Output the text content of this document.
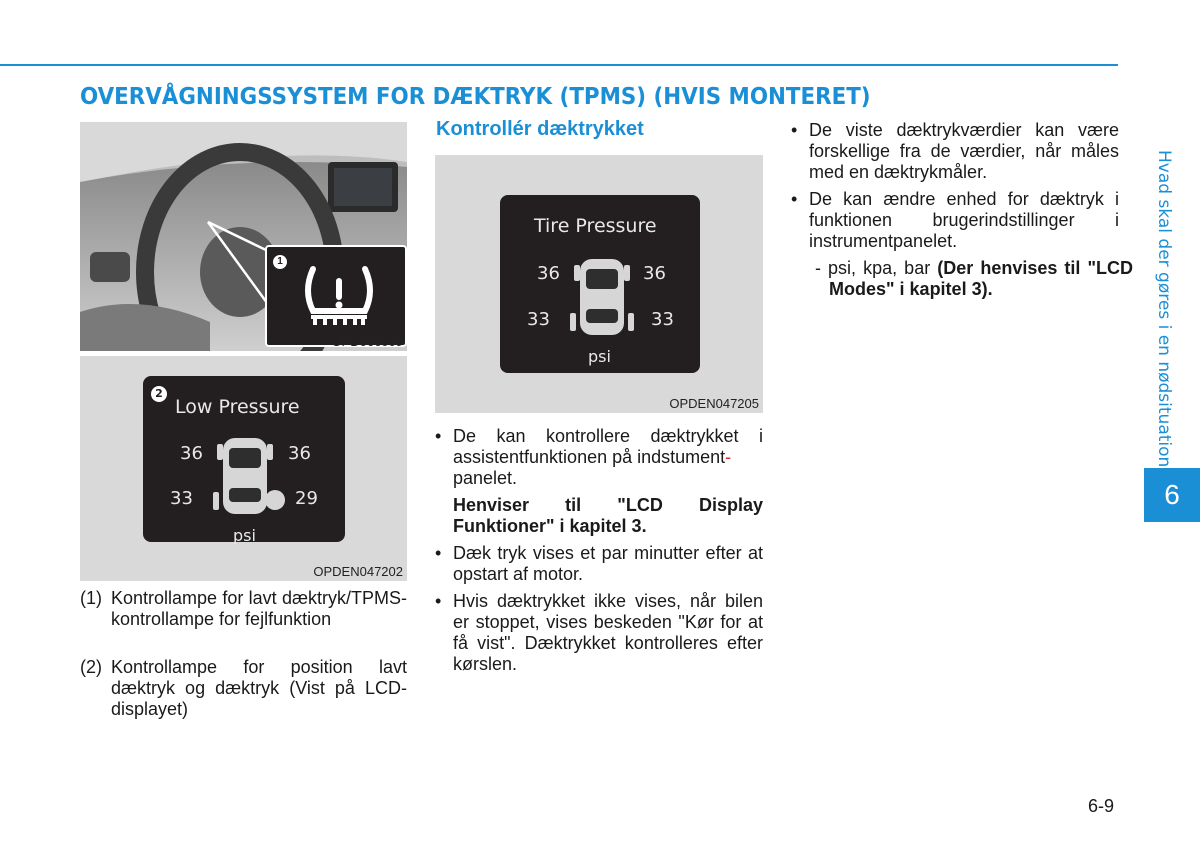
OVERVÅGNINGSSYSTEM FOR DÆKTRYK (TPMS) (HVIS MONTERET)
1
OPD066009
2
Low Pressure
36	36
33	29
psi
OPDEN047202
(1) Kontrollampe for lavt dæktryk/TPMS-kontrollampe for fejlfunktion
(2) Kontrollampe for position lavt dæktryk og dæktryk (Vist på LCD-displayet)
Kontrollér dæktrykket
Tire Pressure
36	36
33	33
psi
OPDEN047205
• De kan kontrollere dæktrykket i
assistentfunktionen på indstument-
panelet.
Henviser til "LCD Display Funktioner" i kapitel 3.
• Dæk tryk vises et par minutter efter at opstart af motor.
• Hvis dæktrykket ikke vises, når bilen er stoppet, vises beskeden "Kør for at få vist". Dæktrykket kontrolleres efter kørslen.
• De viste dæktrykværdier kan være forskellige fra de værdier, når måles med en dæktrykmåler.
• De kan ændre enhed for dæktryk i funktionen brugerindstillinger i instrumentpanelet.
- psi, kpa, bar (Der henvises til "LCD Modes" i kapitel 3).	Hvad skal der gøres i en nødsituation
6
6-9
